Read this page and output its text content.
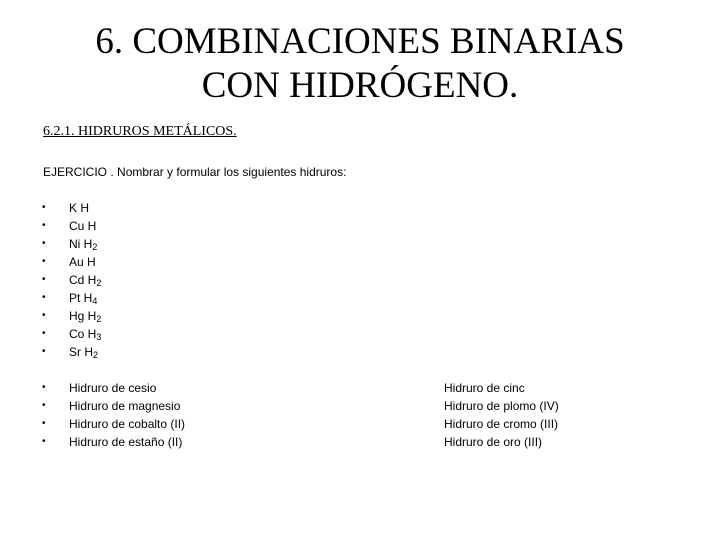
6. COMBINACIONES BINARIAS
CON HIDRÓGENO.
6.2.1. HIDRUROS METÁLICOS.
EJERCICIO . Nombrar y formular los siguientes hidruros:
• K H
• Cu H
• Ni $H_2$
• Au H
• Cd $H_2$
• Pt $H_4$
• Hg $H_2$
• Co $H_3$
• Sr $H_2$
• Hidruro de cesio
• Hidruro de magnesio
• Hidruro de cobalto (II)
• Hidruro de estaño (II)
Hidruro de cinc
Hidruro de plomo (IV)
Hidruro de cromo (III)
Hidruro de oro (III)
